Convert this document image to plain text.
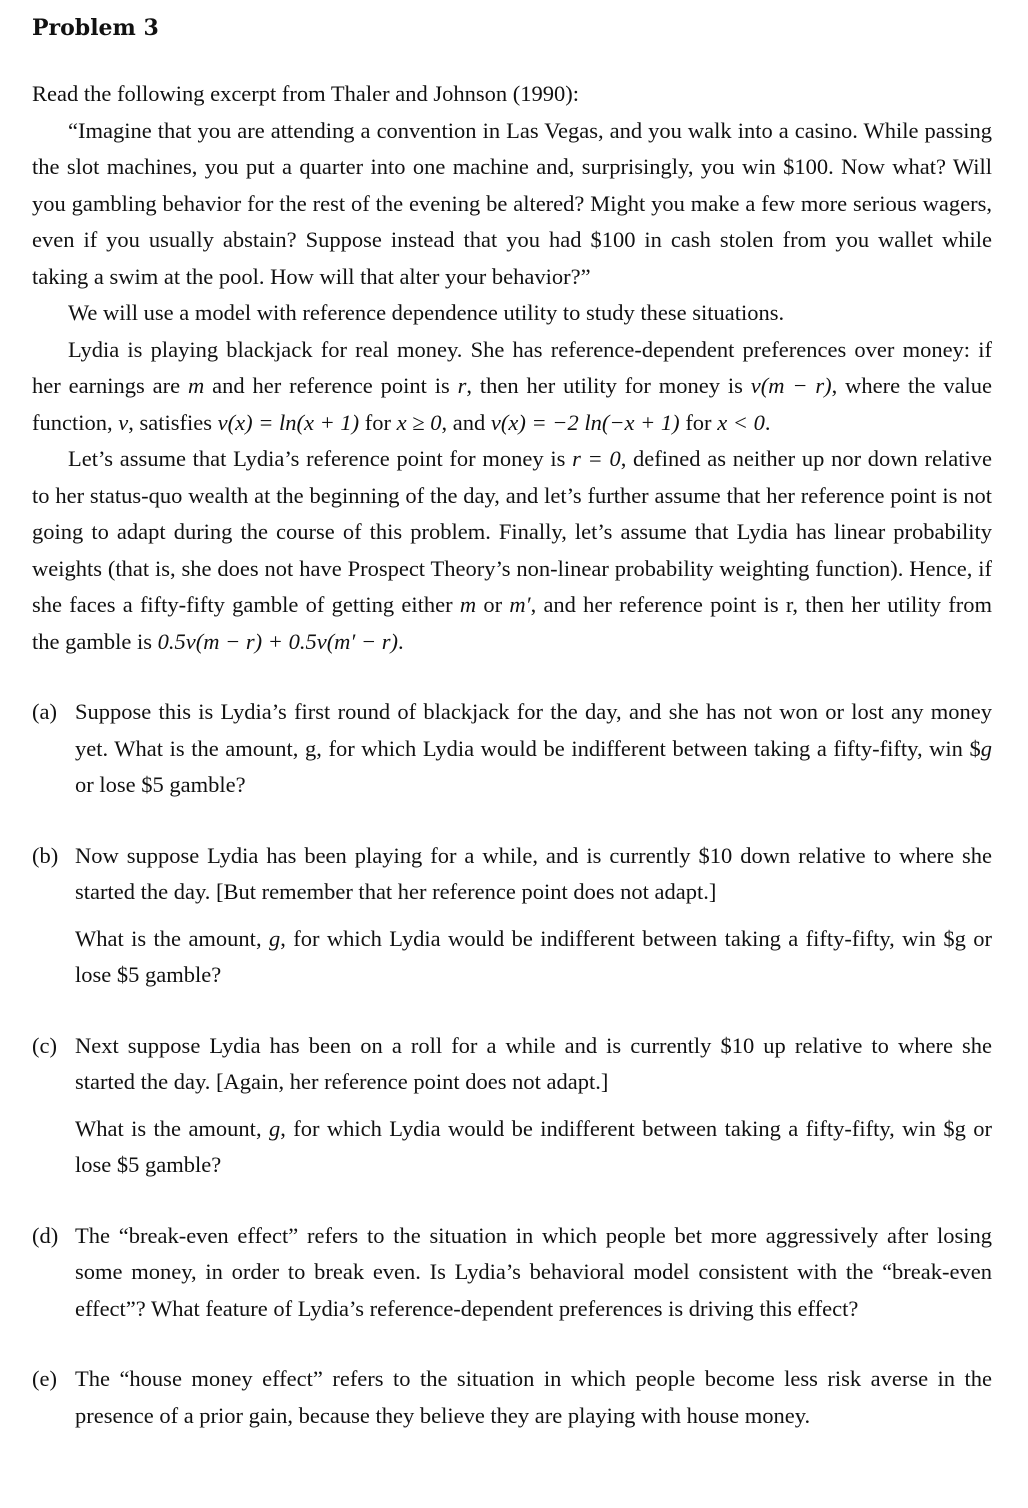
Problem 3

Read the following excerpt from Thaler and Johnson (1990):

“Imagine that you are attending a convention in Las Vegas, and you walk into a casino. While passing the slot machines, you put a quarter into one machine and, surprisingly, you win $100. Now what? Will you gambling behavior for the rest of the evening be altered? Might you make a few more serious wagers, even if you usually abstain? Suppose instead that you had $100 in cash stolen from you wallet while taking a swim at the pool. How will that alter your behavior?”

We will use a model with reference dependence utility to study these situations.

Lydia is playing blackjack for real money. She has reference-dependent preferences over money: if her earnings are m and her reference point is r, then her utility for money is v(m − r), where the value function, v, satisfies v(x) = ln(x + 1) for x ≥ 0, and v(x) = −2 ln(−x + 1) for x < 0.

Let’s assume that Lydia’s reference point for money is r = 0, defined as neither up nor down relative to her status-quo wealth at the beginning of the day, and let’s further assume that her reference point is not going to adapt during the course of this problem. Finally, let’s assume that Lydia has linear probability weights (that is, she does not have Prospect Theory’s non-linear probability weighting function). Hence, if she faces a fifty-fifty gamble of getting either m or m′, and her reference point is r, then her utility from the gamble is 0.5v(m − r) + 0.5v(m′ − r).

(a) Suppose this is Lydia’s first round of blackjack for the day, and she has not won or lost any money yet. What is the amount, g, for which Lydia would be indifferent between taking a fifty-fifty, win $g or lose $5 gamble?

(b) Now suppose Lydia has been playing for a while, and is currently $10 down relative to where she started the day. [But remember that her reference point does not adapt.]

What is the amount, g, for which Lydia would be indifferent between taking a fifty-fifty, win $g or lose $5 gamble?

(c) Next suppose Lydia has been on a roll for a while and is currently $10 up relative to where she started the day. [Again, her reference point does not adapt.]

What is the amount, g, for which Lydia would be indifferent between taking a fifty-fifty, win $g or lose $5 gamble?

(d) The “break-even effect” refers to the situation in which people bet more aggressively after losing some money, in order to break even. Is Lydia’s behavioral model consistent with the “break-even effect”? What feature of Lydia’s reference-dependent preferences is driving this effect?

(e) The “house money effect” refers to the situation in which people become less risk averse in the presence of a prior gain, because they believe they are playing with house money.
